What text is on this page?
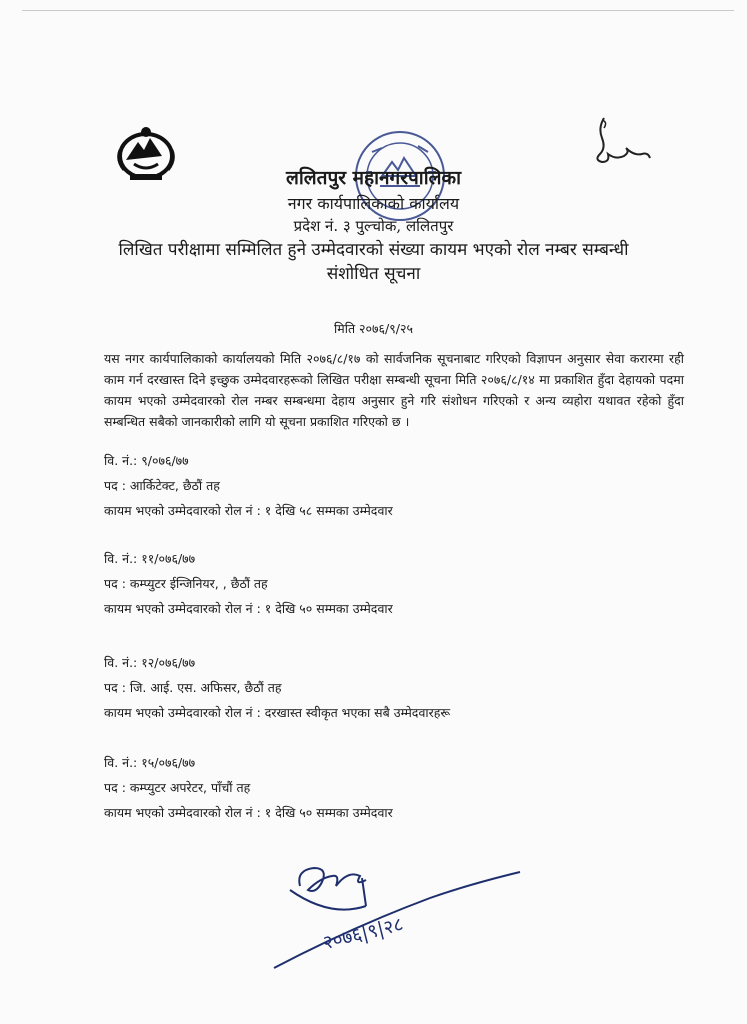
ललितपुर महानगरपालिका
नगर कार्यपालिकाको कार्यालय
प्रदेश नं. ३ पुल्चोक, ललितपुर
लिखित परीक्षामा सम्मिलित हुने उम्मेदवारको संख्या कायम भएको रोल नम्बर सम्बन्धी
संशोधित सूचना
मिति २०७६/९/२५
यस नगर कार्यपालिकाको कार्यालयको मिति २०७६/८/१७ को सार्वजनिक सूचनाबाट गरिएको विज्ञापन अनुसार सेवा करारमा रही काम गर्न दरखास्त दिने इच्छुक उम्मेदवारहरूको लिखित परीक्षा सम्बन्धी सूचना मिति २०७६/८/१४ मा प्रकाशित हुँदा देहायको पदमा कायम भएको उम्मेदवारको रोल नम्बर सम्बन्धमा देहाय अनुसार हुने गरि संशोधन गरिएको र अन्य व्यहोरा यथावत रहेको हुँदा सम्बन्धित सबैको जानकारीको लागि यो सूचना प्रकाशित गरिएको छ ।
वि. नं.: ९/०७६/७७
पद : आर्किटेक्ट, छैठौं तह
कायम भएको उम्मेदवारको रोल नं : १ देखि ५८ सम्मका उम्मेदवार
वि. नं.: ११/०७६/७७
पद : कम्प्युटर ईन्जिनियर, , छैठौं तह
कायम भएको उम्मेदवारको रोल नं : १ देखि ५० सम्मका उम्मेदवार
वि. नं.: १२/०७६/७७
पद : जि. आई. एस. अफिसर, छैठौं तह
कायम भएको उम्मेदवारको रोल नं : दरखास्त स्वीकृत भएका सबै उम्मेदवारहरू
वि. नं.: १५/०७६/७७
पद : कम्प्युटर अपरेटर, पाँचौं तह
कायम भएको उम्मेदवारको रोल नं : १ देखि ५० सम्मका उम्मेदवार
२०७६|९|२८
